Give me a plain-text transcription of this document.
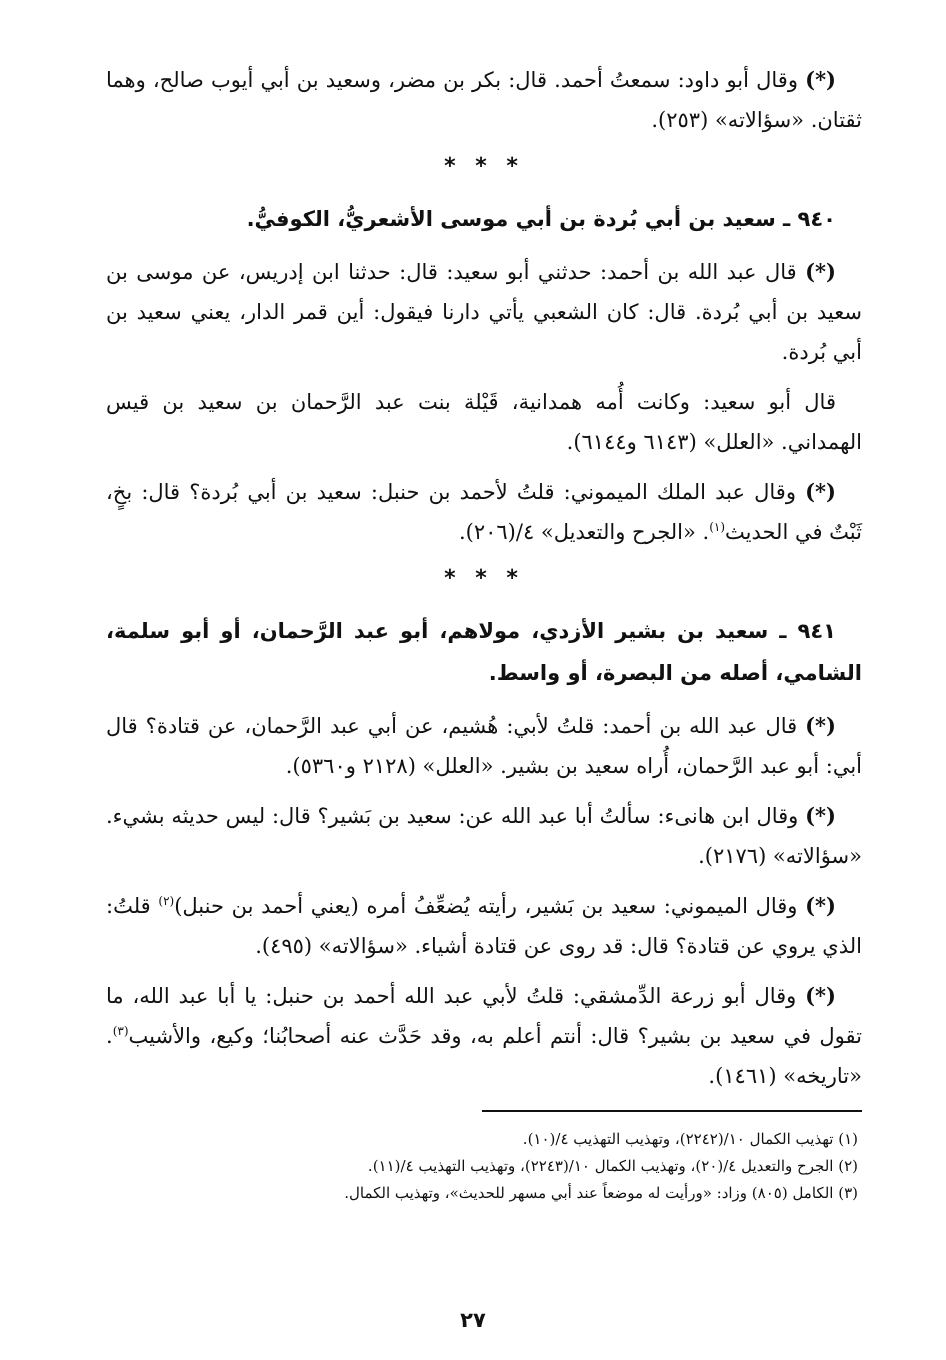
(*) وقال أبو داود: سمعتُ أحمد. قال: بكر بن مضر، وسعيد بن أبي أيوب صالح، وهما ثقتان. «سؤالاته» (٢٥٣).

* * *

٩٤٠ ـ سعيد بن أبي بُردة بن أبي موسى الأشعريُّ، الكوفيُّ.

(*) قال عبد الله بن أحمد: حدثني أبو سعيد: قال: حدثنا ابن إدريس، عن موسى بن سعيد بن أبي بُردة. قال: كان الشعبي يأتي دارنا فيقول: أين قمر الدار، يعني سعيد بن أبي بُردة.

قال أبو سعيد: وكانت أُمه همدانية، قَيْلة بنت عبد الرَّحمان بن سعيد بن قيس الهمداني. «العلل» (٦١٤٣ و٦١٤٤).

(*) وقال عبد الملك الميموني: قلتُ لأحمد بن حنبل: سعيد بن أبي بُردة؟ قال: بخٍ، ثَبْتٌ في الحديث$^{(١)}$. «الجرح والتعديل» ٤/(٢٠٦).

* * *

٩٤١ ـ سعيد بن بشير الأزدي، مولاهم، أبو عبد الرَّحمان، أو أبو سلمة، الشامي، أصله من البصرة، أو واسط.

(*) قال عبد الله بن أحمد: قلتُ لأبي: هُشيم، عن أبي عبد الرَّحمان، عن قتادة؟ قال أبي: أبو عبد الرَّحمان، أُراه سعيد بن بشير. «العلل» (٢١٢٨ و٥٣٦٠).

(*) وقال ابن هانىء: سألتُ أبا عبد الله عن: سعيد بن بَشير؟ قال: ليس حديثه بشيء. «سؤالاته» (٢١٧٦).

(*) وقال الميموني: سعيد بن بَشير، رأيته يُضعِّفُ أمره (يعني أحمد بن حنبل)$^{(٢)}$ قلتُ: الذي يروي عن قتادة؟ قال: قد روى عن قتادة أشياء. «سؤالاته» (٤٩٥).

(*) وقال أبو زرعة الدِّمشقي: قلتُ لأبي عبد الله أحمد بن حنبل: يا أبا عبد الله، ما تقول في سعيد بن بشير؟ قال: أنتم أعلم به، وقد حَدَّث عنه أصحابُنا؛ وكيع، والأشيب$^{(٣)}$. «تاريخه» (١٤٦١).

(١) تهذيب الكمال ١٠/(٢٢٤٢)، وتهذيب التهذيب ٤/(١٠).

(٢) الجرح والتعديل ٤/(٢٠)، وتهذيب الكمال ١٠/(٢٢٤٣)، وتهذيب التهذيب ٤/(١١).

(٣) الكامل (٨٠٥) وزاد: «ورأيت له موضعاً عند أبي مسهر للحديث»، وتهذيب الكمال.

٢٧
